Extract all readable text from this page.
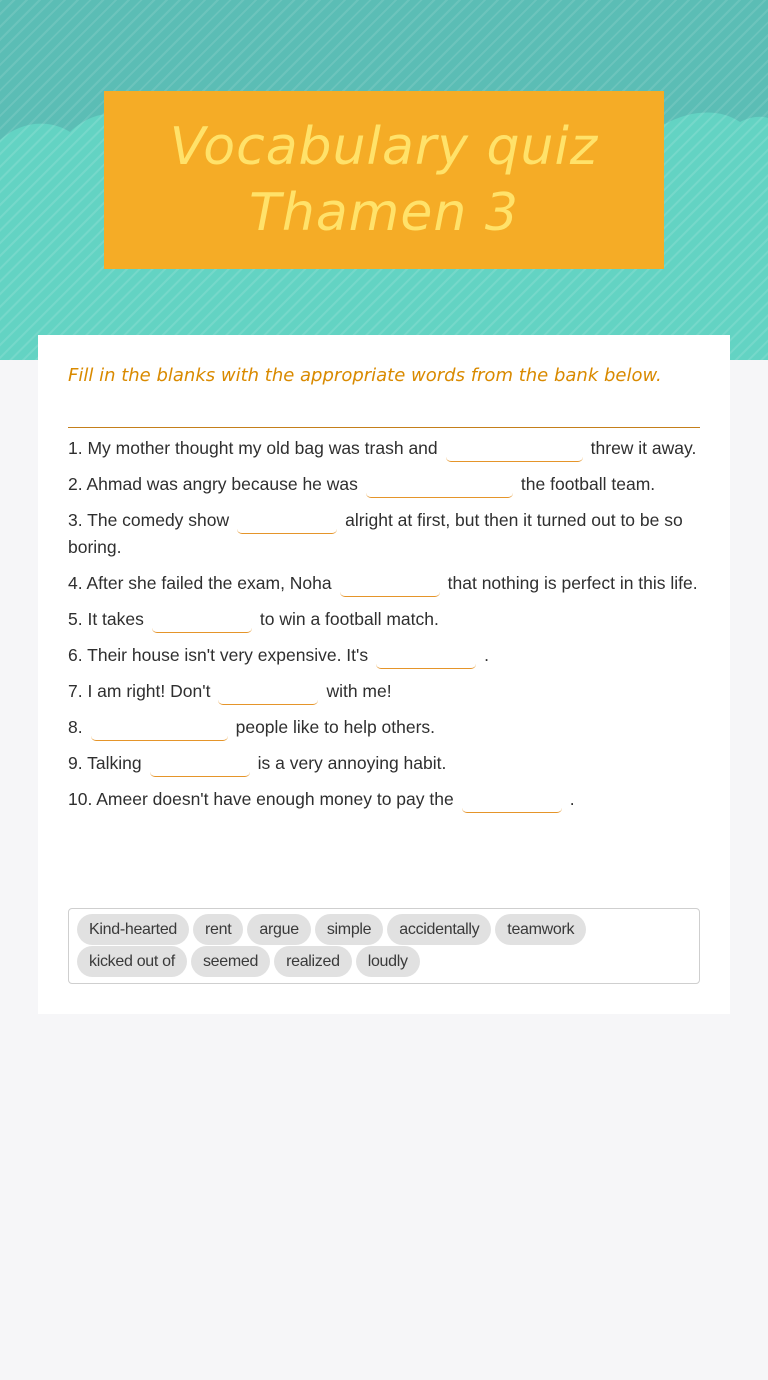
Vocabulary quiz
Thamen 3
Fill in the blanks with the appropriate words from the bank below.
1. My mother thought my old bag was trash and	threw it away.
2. Ahmad was angry because he was	the football team.
3. The comedy show	alright at first, but then it turned out to be so boring.
4. After she failed the exam, Noha	that nothing is perfect in this life.
5. It takes	to win a football match.
6. Their house isn't very expensive. It's	.
7. I am right! Don't	with me!
8.	people like to help others.
9. Talking	is a very annoying habit.
10. Ameer doesn't have enough money to pay the	.
Kind-hearted rent argue simple accidentally teamworkkicked out of seemed realized loudly
